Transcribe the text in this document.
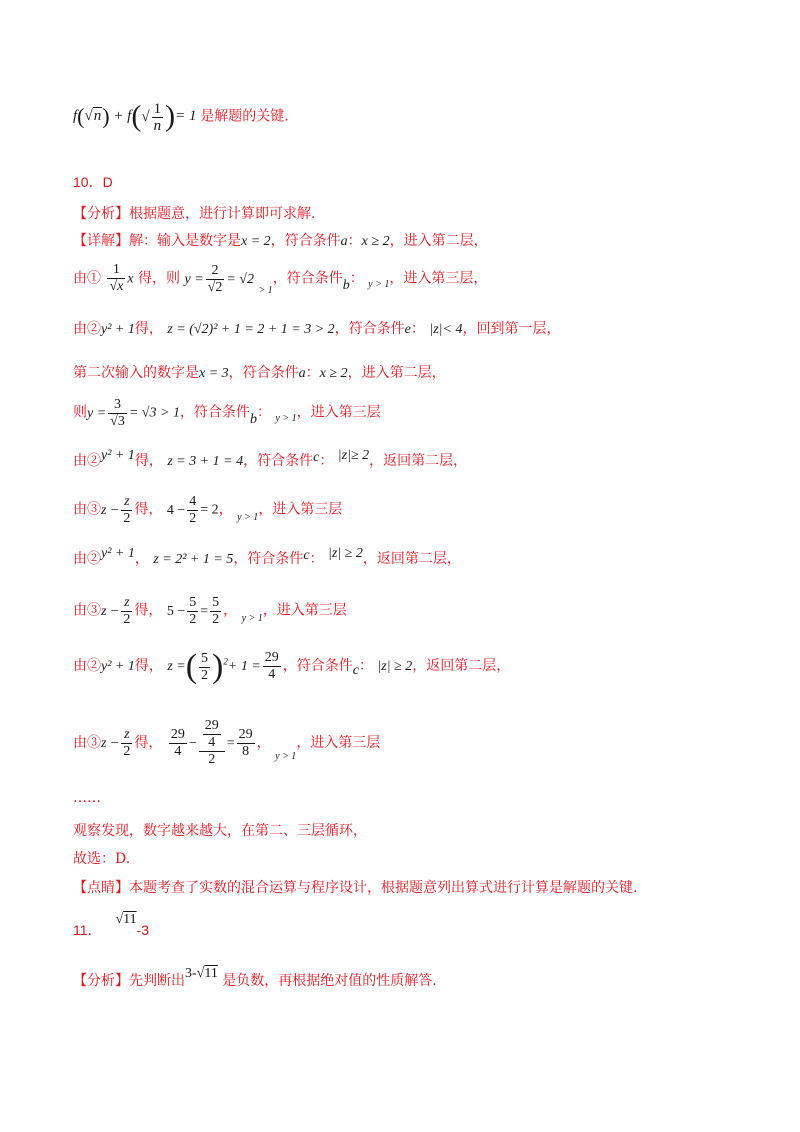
$f(√n) + f(√ \frac{1}{n}$ )= 1 是解题的关键.
10．D
【分析】根据题意，进行计算即可求解.
【详解】解：输入是数字是x = 2，符合条件a：x ≥ 2，进入第二层，
由① $\frac{1}{√x}$ x 得，则 $y = \frac{2}{√2} = √2$ $_{> 1}$，符合条件b： $_{y > 1}$，进入第三层，
由②y² + 1得， z = (√2)² + 1 = 2 + 1 = 3 > 2，符合条件e： |z|< 4，回到第一层，
第二次输入的数字是x = 3，符合条件a：x ≥ 2，进入第二层，
则$y = \frac{3}{√3} = √3 > 1$，符合条件b： $_{y > 1}$，进入第三层
由②y² + 1得， z = 3 + 1 = 4，符合条件c： |z|≥ 2，返回第二层，
由③z − $\frac{z}{2}$ 得， $4 - \frac{4}{2} = 2$， $_{y > 1}$，进入第三层
由②y² + 1， z = 2² + 1 = 5，符合条件c： |z| ≥ 2，返回第二层，
由③z − $\frac{z}{2}$ 得， $5 - \frac{5}{2} = \frac{5}{2}$ ， $_{y > 1}$，进入第三层
由②y² + 1得， z =( $\frac{5}{2} )^2+ 1 = \frac{29}{4}$ ，符合条件c： |z| ≥ 2，返回第二层，
由③z − $\frac{z}{2}$ 得， $\frac{29}{4} - \frac{\frac{29}{4}}{2} = \frac{29}{8}$ ， $_{y > 1}$，进入第三层
……
观察发现，数字越来越大，在第二、三层循环，
故选：D.
【点睛】本题考查了实数的混合运算与程序设计，根据题意列出算式进行计算是解题的关键.
11． √11-3
【分析】先判断出3-√11 是负数，再根据绝对值的性质解答.
